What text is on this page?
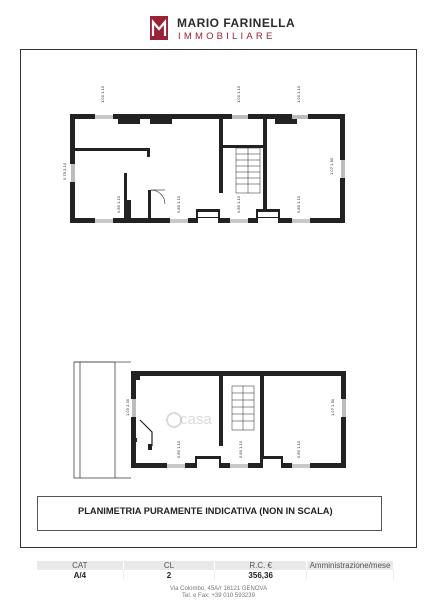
MARIO FARINELLA
IMMOBILIARE
1.00 1.10	1.00 1.10	1.00 1.10
0.75 2.10	1.07 1.50
0.80 1.10	0.80 1.10	0.80 1.10	0.80 1.10
1.00 2.00	1.07 1.50
0.80 1.10	0.80 1.10	0.80 1.10
casa
PLANIMETRIA PURAMENTE INDICATIVA (NON IN SCALA)
CAT	CL	R.C. €	Amministrazione/mese
A/4	2	356,36	
Via Colombo, 45A/r 16121 GENOVA
Tel. e Fax: +39 010 593239
